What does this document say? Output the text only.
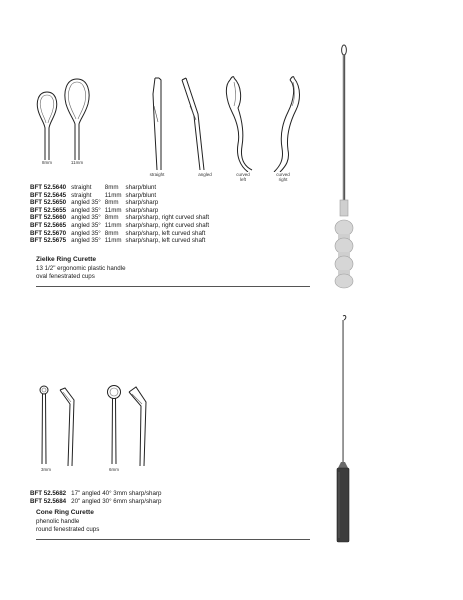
8mm	11mm
straight	angled	curved
left
curved
right
BFT 52.5640	straight	8mm	sharp/blunt
BFT 52.5645	straight	11mm	sharp/blunt
BFT 52.5650	angled 35°	8mm	sharp/sharp
BFT 52.5655	angled 35°	11mm	sharp/sharp
BFT 52.5660	angled 35°	8mm	sharp/sharp, right curved shaft
BFT 52.5665	angled 35°	11mm	sharp/sharp, right curved shaft
BFT 52.5670	angled 35°	8mm	sharp/sharp, left curved shaft
BFT 52.5675	angled 35°	11mm	sharp/sharp, left curved shaft
Zielke Ring Curette
13 1/2" ergonomic plastic handle
oval fenestrated cups
3mm	6mm
BFT 52.5682	17" angled 40° 3mm sharp/sharp
BFT 52.5684	20" angled 30° 6mm sharp/sharp
Cone Ring Curette
phenolic handle
round fenestrated cups
